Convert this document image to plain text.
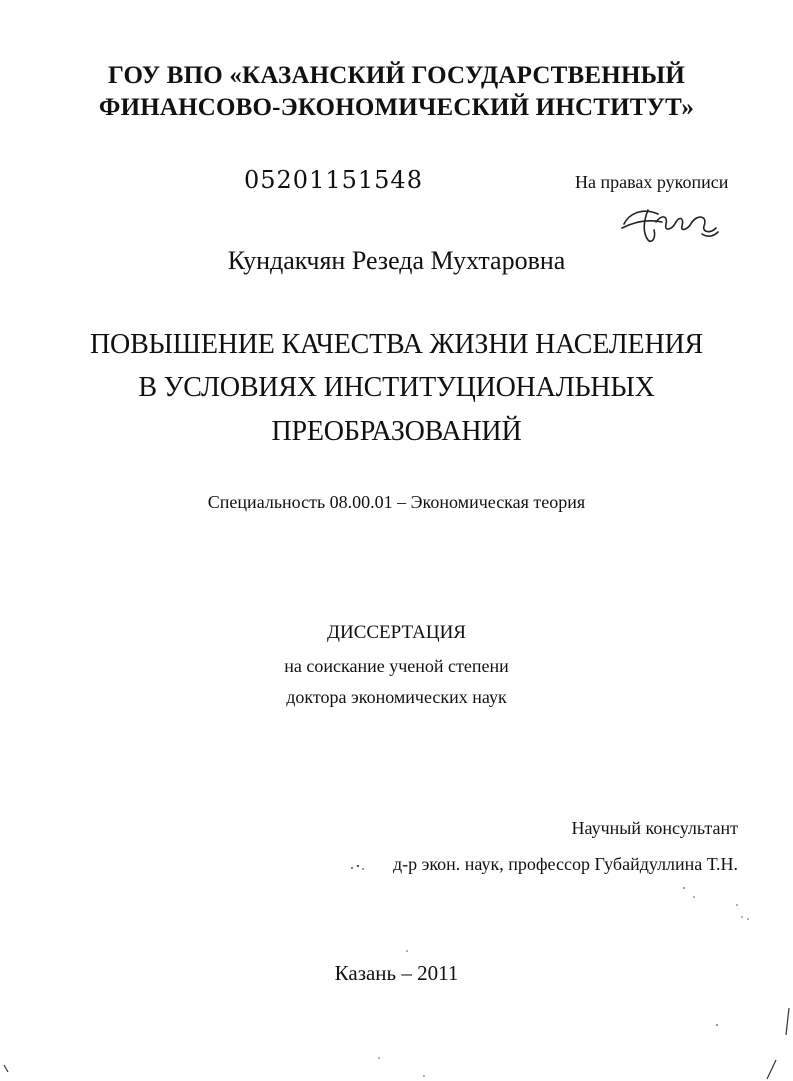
ГОУ ВПО «КАЗАНСКИЙ ГОСУДАРСТВЕННЫЙ
ФИНАНСОВО-ЭКОНОМИЧЕСКИЙ ИНСТИТУТ»
05201151548	На правах рукописи
Кундакчян Резеда Мухтаровна
ПОВЫШЕНИЕ КАЧЕСТВА ЖИЗНИ НАСЕЛЕНИЯ
В УСЛОВИЯХ ИНСТИТУЦИОНАЛЬНЫХ
ПРЕОБРАЗОВАНИЙ
Специальность 08.00.01 – Экономическая теория
ДИССЕРТАЦИЯ
на соискание ученой степени
доктора экономических наук
Научный консультант
д-р экон. наук, профессор Губайдуллина Т.Н.
Казань – 2011
